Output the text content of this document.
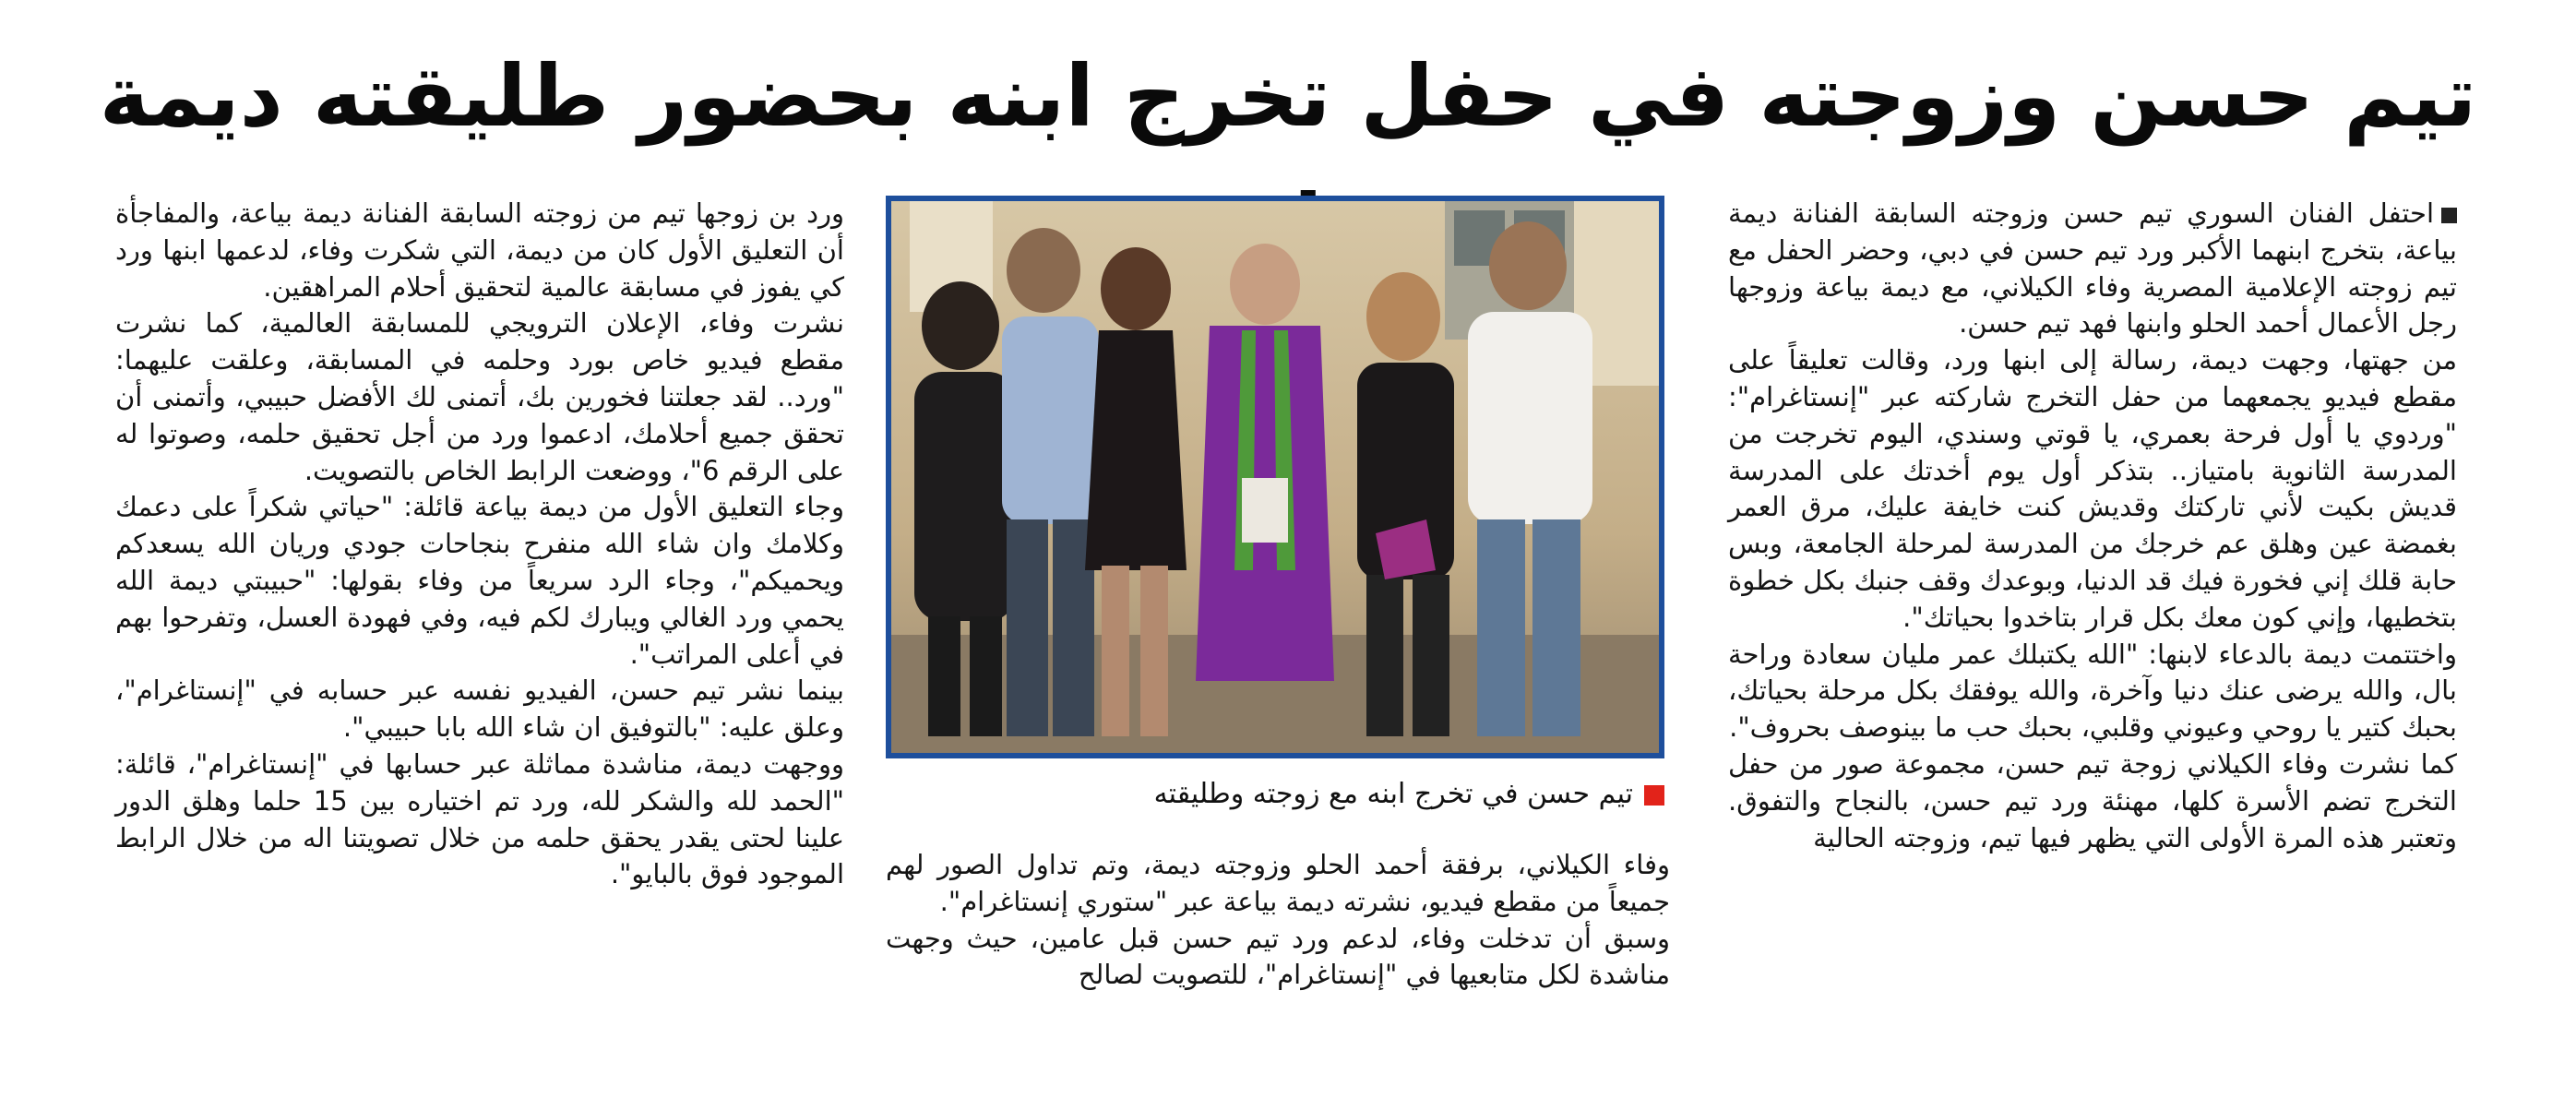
تيم حسن وزوجته في حفل تخرج ابنه بحضور طليقته ديمة

احتفل الفنان السوري تيم حسن وزوجته السابقة الفنانة ديمة بياعة، بتخرج ابنهما الأكبر ورد تيم حسن في دبي، وحضر الحفل مع تيم زوجته الإعلامية المصرية وفاء الكيلاني، مع ديمة بياعة وزوجها رجل الأعمال أحمد الحلو وابنها فهد تيم حسن.

من جهتها، وجهت ديمة، رسالة إلى ابنها ورد، وقالت تعليقاً على مقطع فيديو يجمعهما من حفل التخرج شاركته عبر "إنستاغرام": "وردوي يا أول فرحة بعمري، يا قوتي وسندي، اليوم تخرجت من المدرسة الثانوية بامتياز.. بتذكر أول يوم أخدتك على المدرسة قديش بكيت لأني تاركتك وقديش كنت خايفة عليك، مرق العمر بغمضة عين وهلق عم خرجك من المدرسة لمرحلة الجامعة، وبس حابة قلك إني فخورة فيك قد الدنيا، وبوعدك وقف جنبك بكل خطوة بتخطيها، وإني كون معك بكل قرار بتاخدوا بحياتك".

واختتمت ديمة بالدعاء لابنها: "الله يكتبلك عمر مليان سعادة وراحة بال، والله يرضى عنك دنيا وآخرة، والله يوفقك بكل مرحلة بحياتك، بحبك كتير يا روحي وعيوني وقلبي، بحبك حب ما بينوصف بحروف".

كما نشرت وفاء الكيلاني زوجة تيم حسن، مجموعة صور من حفل التخرج تضم الأسرة كلها، مهنئة ورد تيم حسن، بالنجاح والتفوق. وتعتبر هذه المرة الأولى التي يظهر فيها تيم، وزوجته الحالية

تيم حسن في تخرج ابنه مع زوجته وطليقته

وفاء الكيلاني، برفقة أحمد الحلو وزوجته ديمة، وتم تداول الصور لهم جميعاً من مقطع فيديو، نشرته ديمة بياعة عبر "ستوري إنستاغرام".

وسبق أن تدخلت وفاء، لدعم ورد تيم حسن قبل عامين، حيث وجهت مناشدة لكل متابعيها في "إنستاغرام"، للتصويت لصالح

ورد بن زوجها تيم من زوجته السابقة الفنانة ديمة بياعة، والمفاجأة أن التعليق الأول كان من ديمة، التي شكرت وفاء، لدعمها ابنها ورد كي يفوز في مسابقة عالمية لتحقيق أحلام المراهقين.

نشرت وفاء، الإعلان الترويجي للمسابقة العالمية، كما نشرت مقطع فيديو خاص بورد وحلمه في المسابقة، وعلقت عليهما: "ورد.. لقد جعلتنا فخورين بك، أتمنى لك الأفضل حبيبي، وأتمنى أن تحقق جميع أحلامك، ادعموا ورد من أجل تحقيق حلمه، وصوتوا له على الرقم 6"، ووضعت الرابط الخاص بالتصويت.

وجاء التعليق الأول من ديمة بياعة قائلة: "حياتي شكراً على دعمك وكلامك وان شاء الله منفرح بنجاحات جودي وريان الله يسعدكم ويحميكم"، وجاء الرد سريعاً من وفاء بقولها: "حبيبتي ديمة الله يحمي ورد الغالي ويبارك لكم فيه، وفي فهودة العسل، وتفرحوا بهم في أعلى المراتب".

بينما نشر تيم حسن، الفيديو نفسه عبر حسابه في "إنستاغرام"، وعلق عليه: "بالتوفيق ان شاء الله بابا حبيبي".

ووجهت ديمة، مناشدة مماثلة عبر حسابها في "إنستاغرام"، قائلة: "الحمد لله والشكر لله، ورد تم اختياره بين 15 حلما وهلق الدور علينا لحتى يقدر يحقق حلمه من خلال تصويتنا اله من خلال الرابط الموجود فوق بالبايو".
